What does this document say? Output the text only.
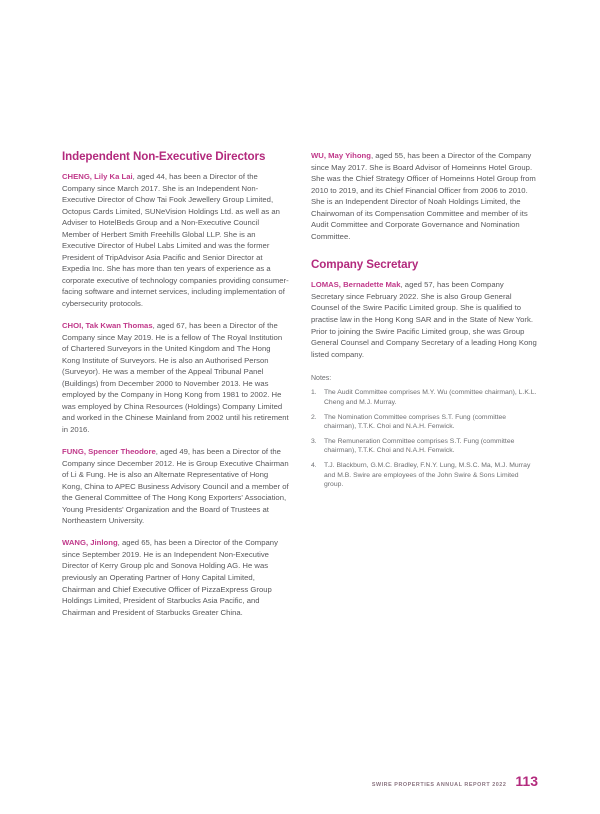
Independent Non-Executive Directors

CHENG, Lily Ka Lai, aged 44, has been a Director of the Company since March 2017. She is an Independent Non-Executive Director of Chow Tai Fook Jewellery Group Limited, Octopus Cards Limited, SUNeVision Holdings Ltd. as well as an Adviser to HotelBeds Group and a Non-Executive Council Member of Herbert Smith Freehills Global LLP. She is an Executive Director of Hubel Labs Limited and was the former President of TripAdvisor Asia Pacific and Senior Director at Expedia Inc. She has more than ten years of experience as a corporate executive of technology companies providing consumer-facing software and internet services, including implementation of cybersecurity protocols.

CHOI, Tak Kwan Thomas, aged 67, has been a Director of the Company since May 2019. He is a fellow of The Royal Institution of Chartered Surveyors in the United Kingdom and The Hong Kong Institute of Surveyors. He is also an Authorised Person (Surveyor). He was a member of the Appeal Tribunal Panel (Buildings) from December 2000 to November 2013. He was employed by the Company in Hong Kong from 1981 to 2002. He was employed by China Resources (Holdings) Company Limited and worked in the Chinese Mainland from 2002 until his retirement in 2016.

FUNG, Spencer Theodore, aged 49, has been a Director of the Company since December 2012. He is Group Executive Chairman of Li & Fung. He is also an Alternate Representative of Hong Kong, China to APEC Business Advisory Council and a member of the General Committee of The Hong Kong Exporters' Association, Young Presidents' Organization and the Board of Trustees at Northeastern University.

WANG, Jinlong, aged 65, has been a Director of the Company since September 2019. He is an Independent Non-Executive Director of Kerry Group plc and Sonova Holding AG. He was previously an Operating Partner of Hony Capital Limited, Chairman and Chief Executive Officer of PizzaExpress Group Holdings Limited, President of Starbucks Asia Pacific, and Chairman and President of Starbucks Greater China.

WU, May Yihong, aged 55, has been a Director of the Company since May 2017. She is Board Advisor of Homeinns Hotel Group. She was the Chief Strategy Officer of Homeinns Hotel Group from 2010 to 2019, and its Chief Financial Officer from 2006 to 2010. She is an Independent Director of Noah Holdings Limited, the Chairwoman of its Compensation Committee and member of its Audit Committee and Corporate Governance and Nomination Committee.

Company Secretary

LOMAS, Bernadette Mak, aged 57, has been Company Secretary since February 2022. She is also Group General Counsel of the Swire Pacific Limited group. She is qualified to practise law in the Hong Kong SAR and in the State of New York. Prior to joining the Swire Pacific Limited group, she was Group General Counsel and Company Secretary of a leading Hong Kong listed company.

Notes:

1.	The Audit Committee comprises M.Y. Wu (committee chairman), L.K.L. Cheng and M.J. Murray.
2.	The Nomination Committee comprises S.T. Fung (committee chairman), T.T.K. Choi and N.A.H. Fenwick.
3.	The Remuneration Committee comprises S.T. Fung (committee chairman), T.T.K. Choi and N.A.H. Fenwick.
4.	T.J. Blackburn, G.M.C. Bradley, F.N.Y. Lung, M.S.C. Ma, M.J. Murray and M.B. Swire are employees of the John Swire & Sons Limited group.
SWIRE PROPERTIES ANNUAL REPORT 2022 113
